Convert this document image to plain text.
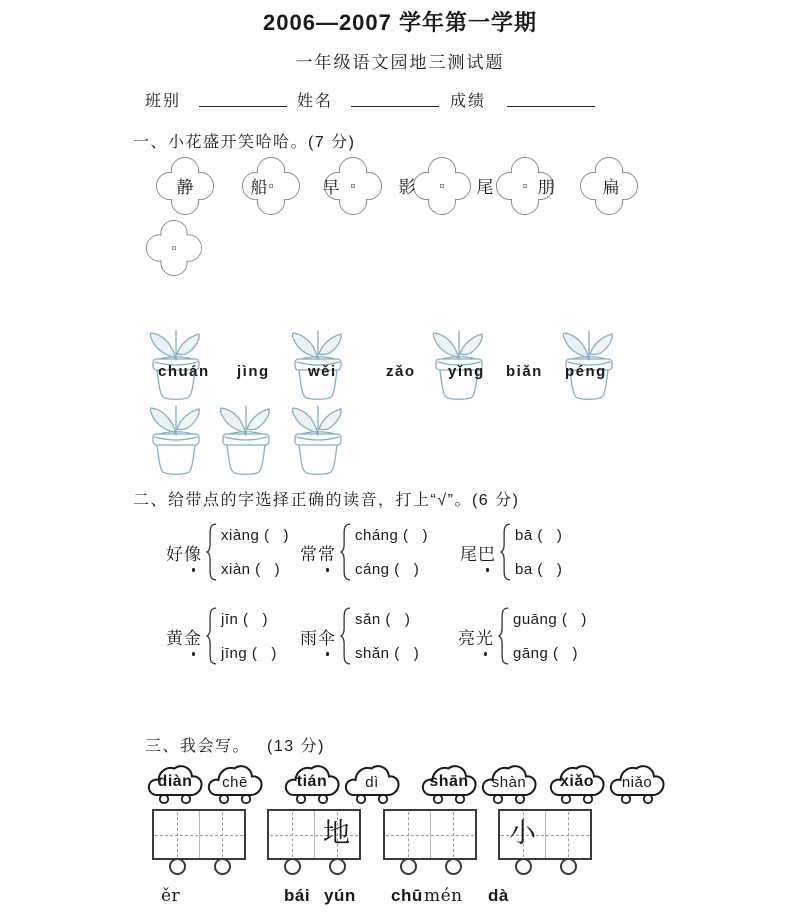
2006—2007 学年第一学期
一年级语文园地三测试题
班别	姓名	成绩
一、小花盛开笑哈哈。(7 分)
静	船	早	影	尾	朋	扁
chuán jìng	wěi	zǎo yǐng biǎn péng
二、给带点的字选择正确的读音，打上“√”。(6 分)
好像
xiàng (   )
xiàn (   )
常常
cháng (   )
cáng (   )
尾巴
bā (   )
ba (   )
黄金
jīn (   )
jīng (   )
雨伞
sǎn (   )
shǎn (   )
亮光
guāng (   )
gāng (   )
三、我会写。 (13 分)
diàn	chē	tián	dì	shān	shàn	xiǎo	niǎo
地	小
ěr	bái yún chū mén dà
